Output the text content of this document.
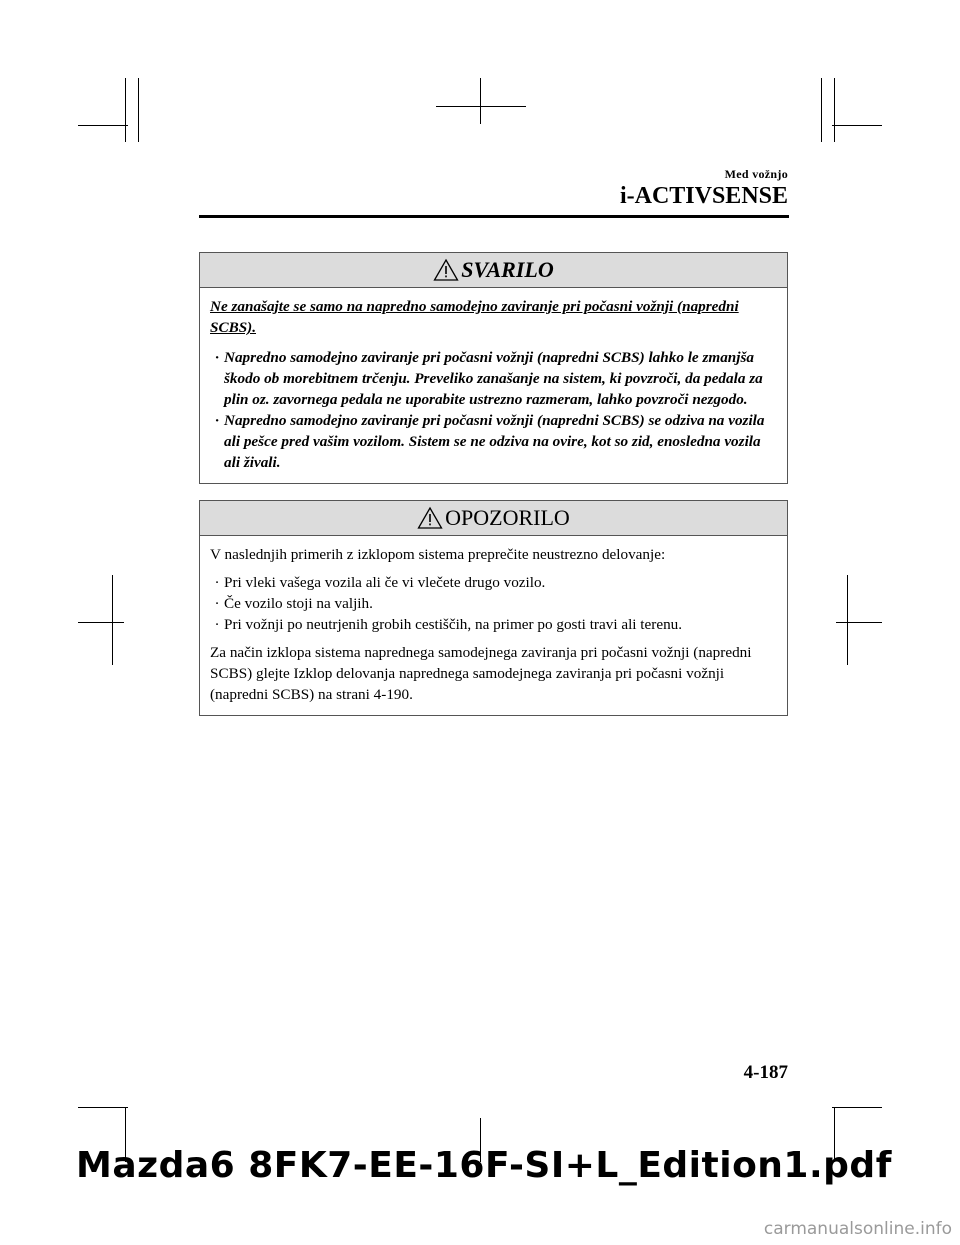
Med vožnjo
i-ACTIVSENSE
SVARILO

Ne zanašajte se samo na napredno samodejno zaviranje pri počasni vožnji (napredni SCBS).

· Napredno samodejno zaviranje pri počasni vožnji (napredni SCBS) lahko le zmanjša škodo ob morebitnem trčenju. Preveliko zanašanje na sistem, ki povzroči, da pedala za plin oz. zavornega pedala ne uporabite ustrezno razmeram, lahko povzroči nezgodo.
· Napredno samodejno zaviranje pri počasni vožnji (napredni SCBS) se odziva na vozila ali pešce pred vašim vozilom. Sistem se ne odziva na ovire, kot so zid, enosledna vozila ali živali.
OPOZORILO

V naslednjih primerih z izklopom sistema preprečite neustrezno delovanje:

· Pri vleki vašega vozila ali če vi vlečete drugo vozilo.
· Če vozilo stoji na valjih.
· Pri vožnji po neutrjenih grobih cestiščih, na primer po gosti travi ali terenu.

Za način izklopa sistema naprednega samodejnega zaviranja pri počasni vožnji (napredni SCBS) glejte Izklop delovanja naprednega samodejnega zaviranja pri počasni vožnji (napredni SCBS) na strani 4-190.

4-187
Mazda6 8FK7-EE-16F-SI+L_Edition1.pdf
carmanualsonline.info
